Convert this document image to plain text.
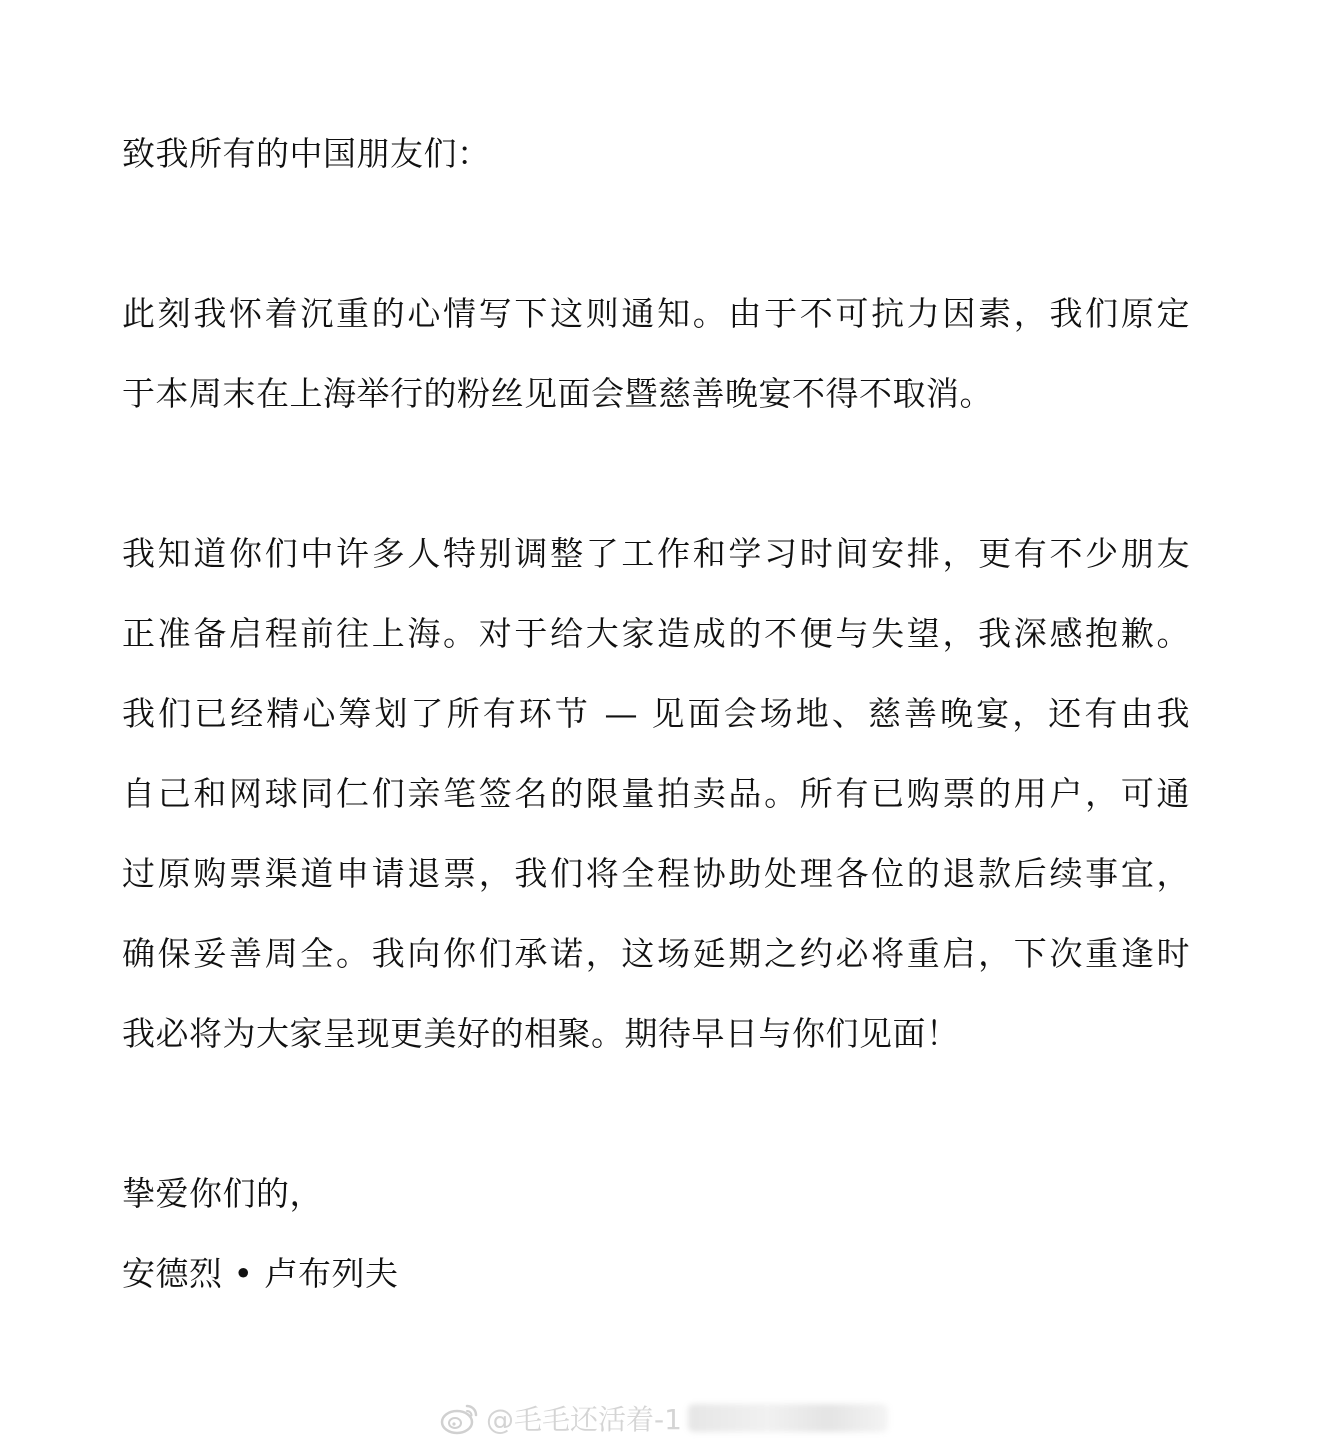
致我所有的中国朋友们：
此刻我怀着沉重的心情写下这则通知。由于不可抗力因素，我们原定
于本周末在上海举行的粉丝见面会暨慈善晚宴不得不取消。
我知道你们中许多人特别调整了工作和学习时间安排，更有不少朋友
正准备启程前往上海。对于给大家造成的不便与失望，我深感抱歉。
我们已经精心筹划了所有环节 — 见面会场地、慈善晚宴，还有由我
自己和网球同仁们亲笔签名的限量拍卖品。所有已购票的用户，可通
过原购票渠道申请退票，我们将全程协助处理各位的退款后续事宜，
确保妥善周全。我向你们承诺，这场延期之约必将重启，下次重逢时
我必将为大家呈现更美好的相聚。期待早日与你们见面！
挚爱你们的，
安德烈 • 卢布列夫
@毛毛还活着-1
